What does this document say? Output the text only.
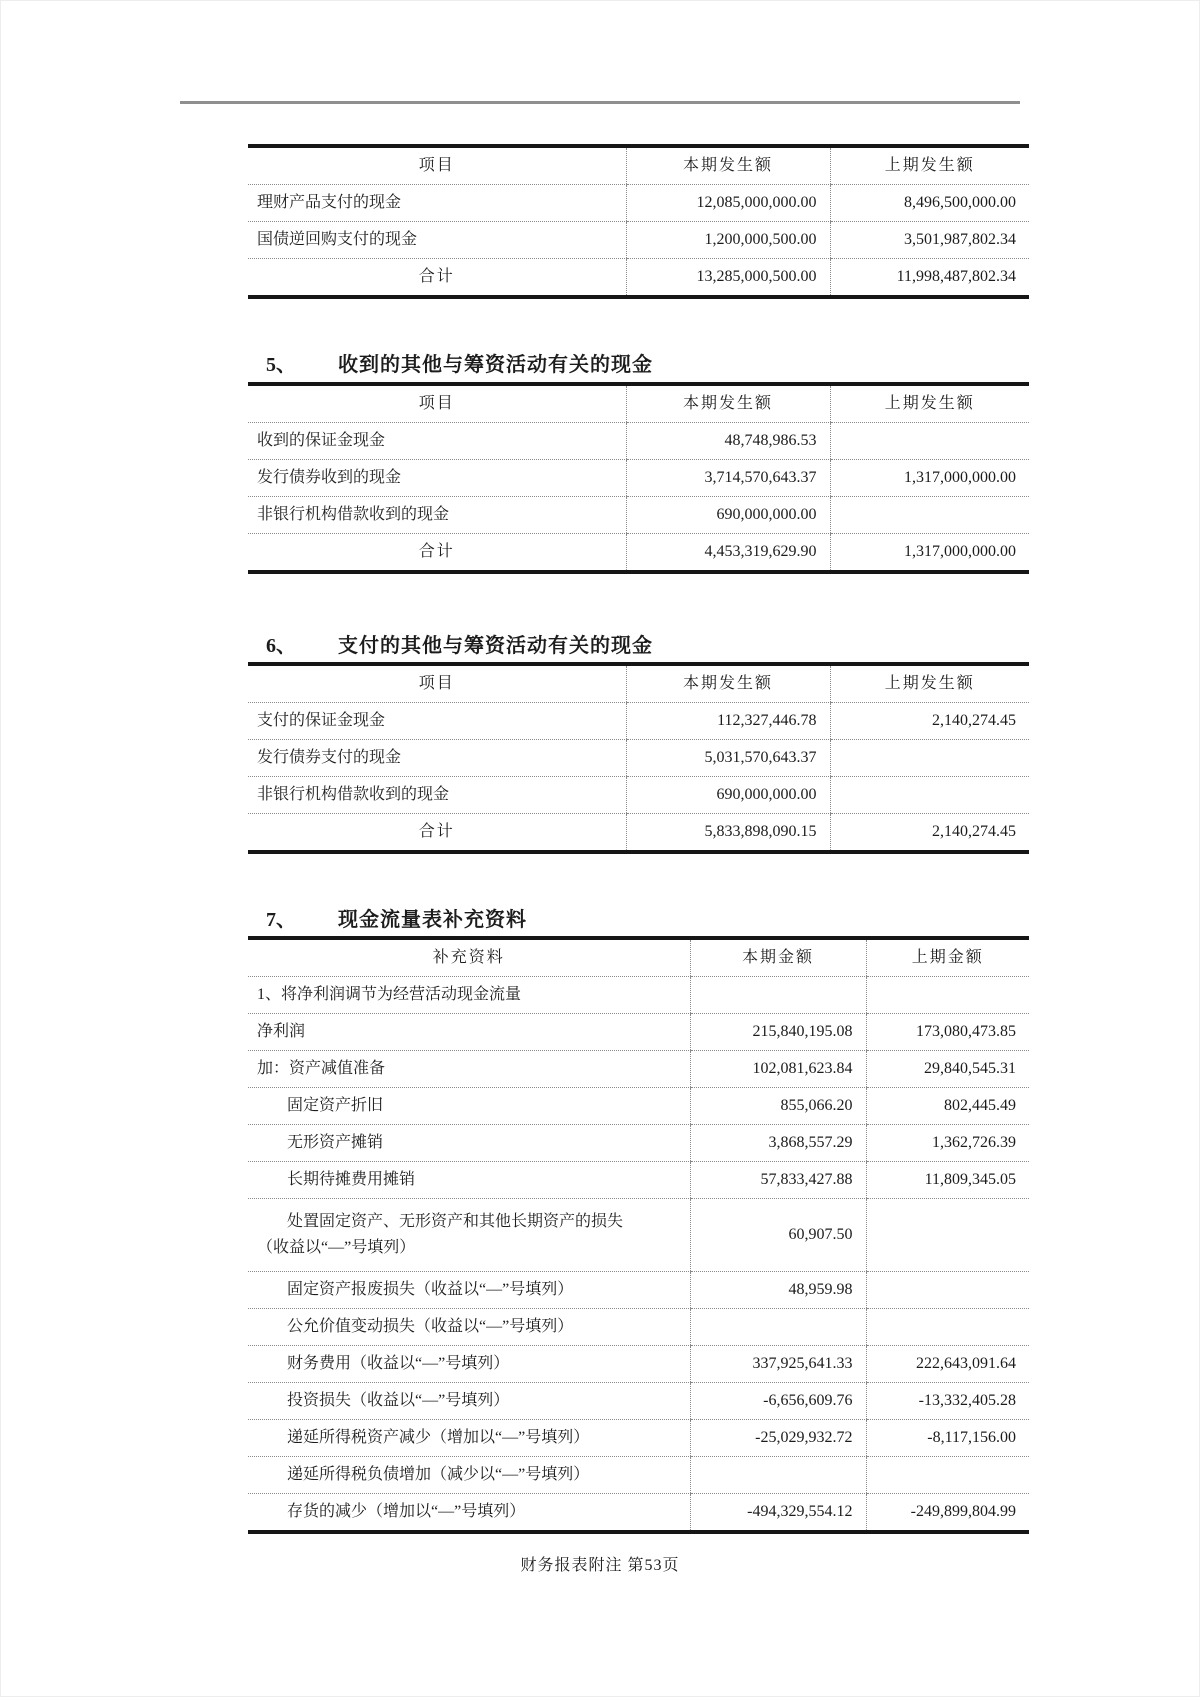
项目	本期发生额	上期发生额
理财产品支付的现金	12,085,000,000.00	8,496,500,000.00
国债逆回购支付的现金	1,200,000,500.00	3,501,987,802.34
合计	13,285,000,500.00	11,998,487,802.34
5、 收到的其他与筹资活动有关的现金
项目	本期发生额	上期发生额
收到的保证金现金	48,748,986.53	
发行债券收到的现金	3,714,570,643.37	1,317,000,000.00
非银行机构借款收到的现金	690,000,000.00	
合计	4,453,319,629.90	1,317,000,000.00
6、 支付的其他与筹资活动有关的现金
项目	本期发生额	上期发生额
支付的保证金现金	112,327,446.78	2,140,274.45
发行债券支付的现金	5,031,570,643.37	
非银行机构借款收到的现金	690,000,000.00	
合计	5,833,898,090.15	2,140,274.45
7、 现金流量表补充资料
补充资料	本期金额	上期金额
1、将净利润调节为经营活动现金流量		
净利润	215,840,195.08	173,080,473.85
加：资产减值准备	102,081,623.84	29,840,545.31
固定资产折旧	855,066.20	802,445.49
无形资产摊销	3,868,557.29	1,362,726.39
长期待摊费用摊销	57,833,427.88	11,809,345.05

处置固定资产、无形资产和其他长期资产的损失
（收益以“—”号填列）	60,907.50	
固定资产报废损失（收益以“—”号填列）	48,959.98	
公允价值变动损失（收益以“—”号填列）		
财务费用（收益以“—”号填列）	337,925,641.33	222,643,091.64
投资损失（收益以“—”号填列）	-6,656,609.76	-13,332,405.28
递延所得税资产减少（增加以“—”号填列）	-25,029,932.72	-8,117,156.00
递延所得税负债增加（减少以“—”号填列）		
存货的减少（增加以“—”号填列）	-494,329,554.12	-249,899,804.99
财务报表附注 第53页
